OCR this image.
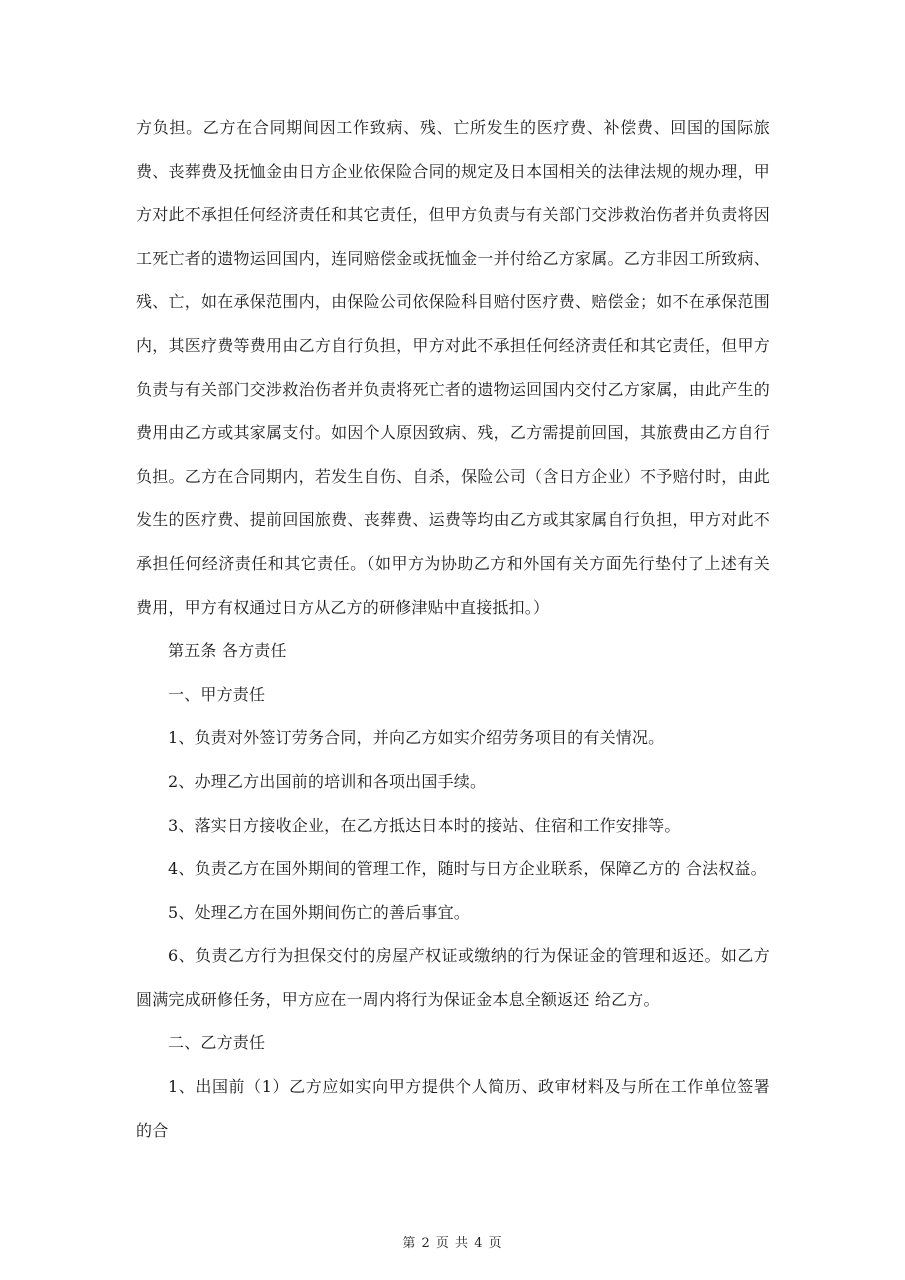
方负担。乙方在合同期间因工作致病、残、亡所发生的医疗费、补偿费、回国的国际旅费、丧葬费及抚恤金由日方企业依保险合同的规定及日本国相关的法律法规的规办理，甲方对此不承担任何经济责任和其它责任，但甲方负责与有关部门交涉救治伤者并负责将因工死亡者的遗物运回国内，连同赔偿金或抚恤金一并付给乙方家属。乙方非因工所致病、残、亡，如在承保范围内，由保险公司依保险科目赔付医疗费、赔偿金；如不在承保范围内，其医疗费等费用由乙方自行负担，甲方对此不承担任何经济责任和其它责任，但甲方负责与有关部门交涉救治伤者并负责将死亡者的遗物运回国内交付乙方家属，由此产生的费用由乙方或其家属支付。如因个人原因致病、残，乙方需提前回国，其旅费由乙方自行负担。乙方在合同期内，若发生自伤、自杀，保险公司（含日方企业）不予赔付时，由此发生的医疗费、提前回国旅费、丧葬费、运费等均由乙方或其家属自行负担，甲方对此不承担任何经济责任和其它责任。（如甲方为协助乙方和外国有关方面先行垫付了上述有关费用，甲方有权通过日方从乙方的研修津贴中直接抵扣。）

第五条 各方责任

一、甲方责任

1、负责对外签订劳务合同，并向乙方如实介绍劳务项目的有关情况。

2、办理乙方出国前的培训和各项出国手续。

3、落实日方接收企业，在乙方抵达日本时的接站、住宿和工作安排等。

4、负责乙方在国外期间的管理工作，随时与日方企业联系，保障乙方的 合法权益。

5、处理乙方在国外期间伤亡的善后事宜。

6、负责乙方行为担保交付的房屋产权证或缴纳的行为保证金的管理和返还。如乙方圆满完成研修任务，甲方应在一周内将行为保证金本息全额返还 给乙方。

二、乙方责任

1、出国前（1）乙方应如实向甲方提供个人简历、政审材料及与所在工作单位签署 的合

第 2 页 共 4 页
